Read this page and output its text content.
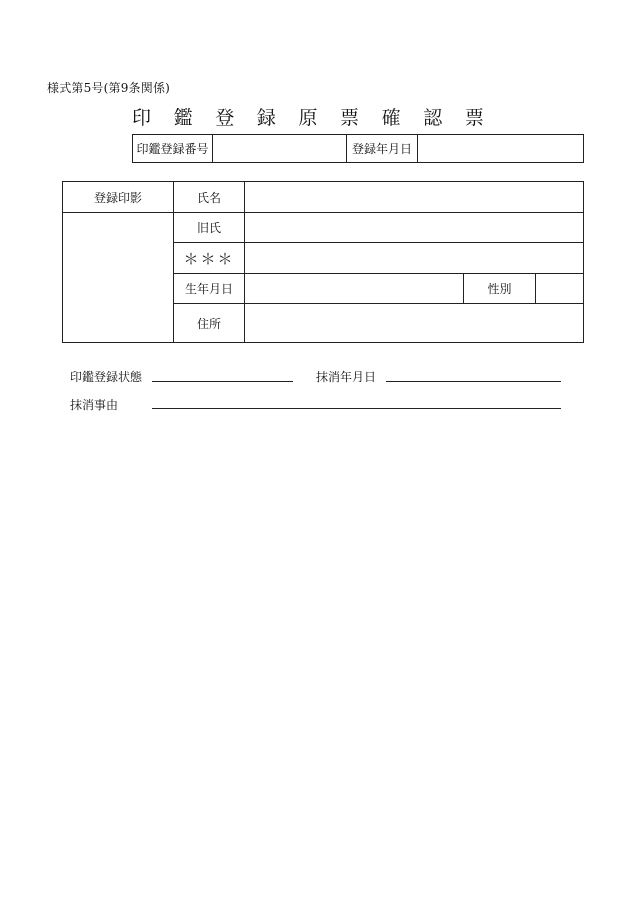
様式第5号(第9条関係)
印 鑑 登 録 原 票 確 認 票
印鑑登録番号		登録年月日	
登録印影	氏名			
	旧氏			
	＊＊＊			
	生年月日		性別	
	住所			
印鑑登録状態	抹消年月日
抹消事由
